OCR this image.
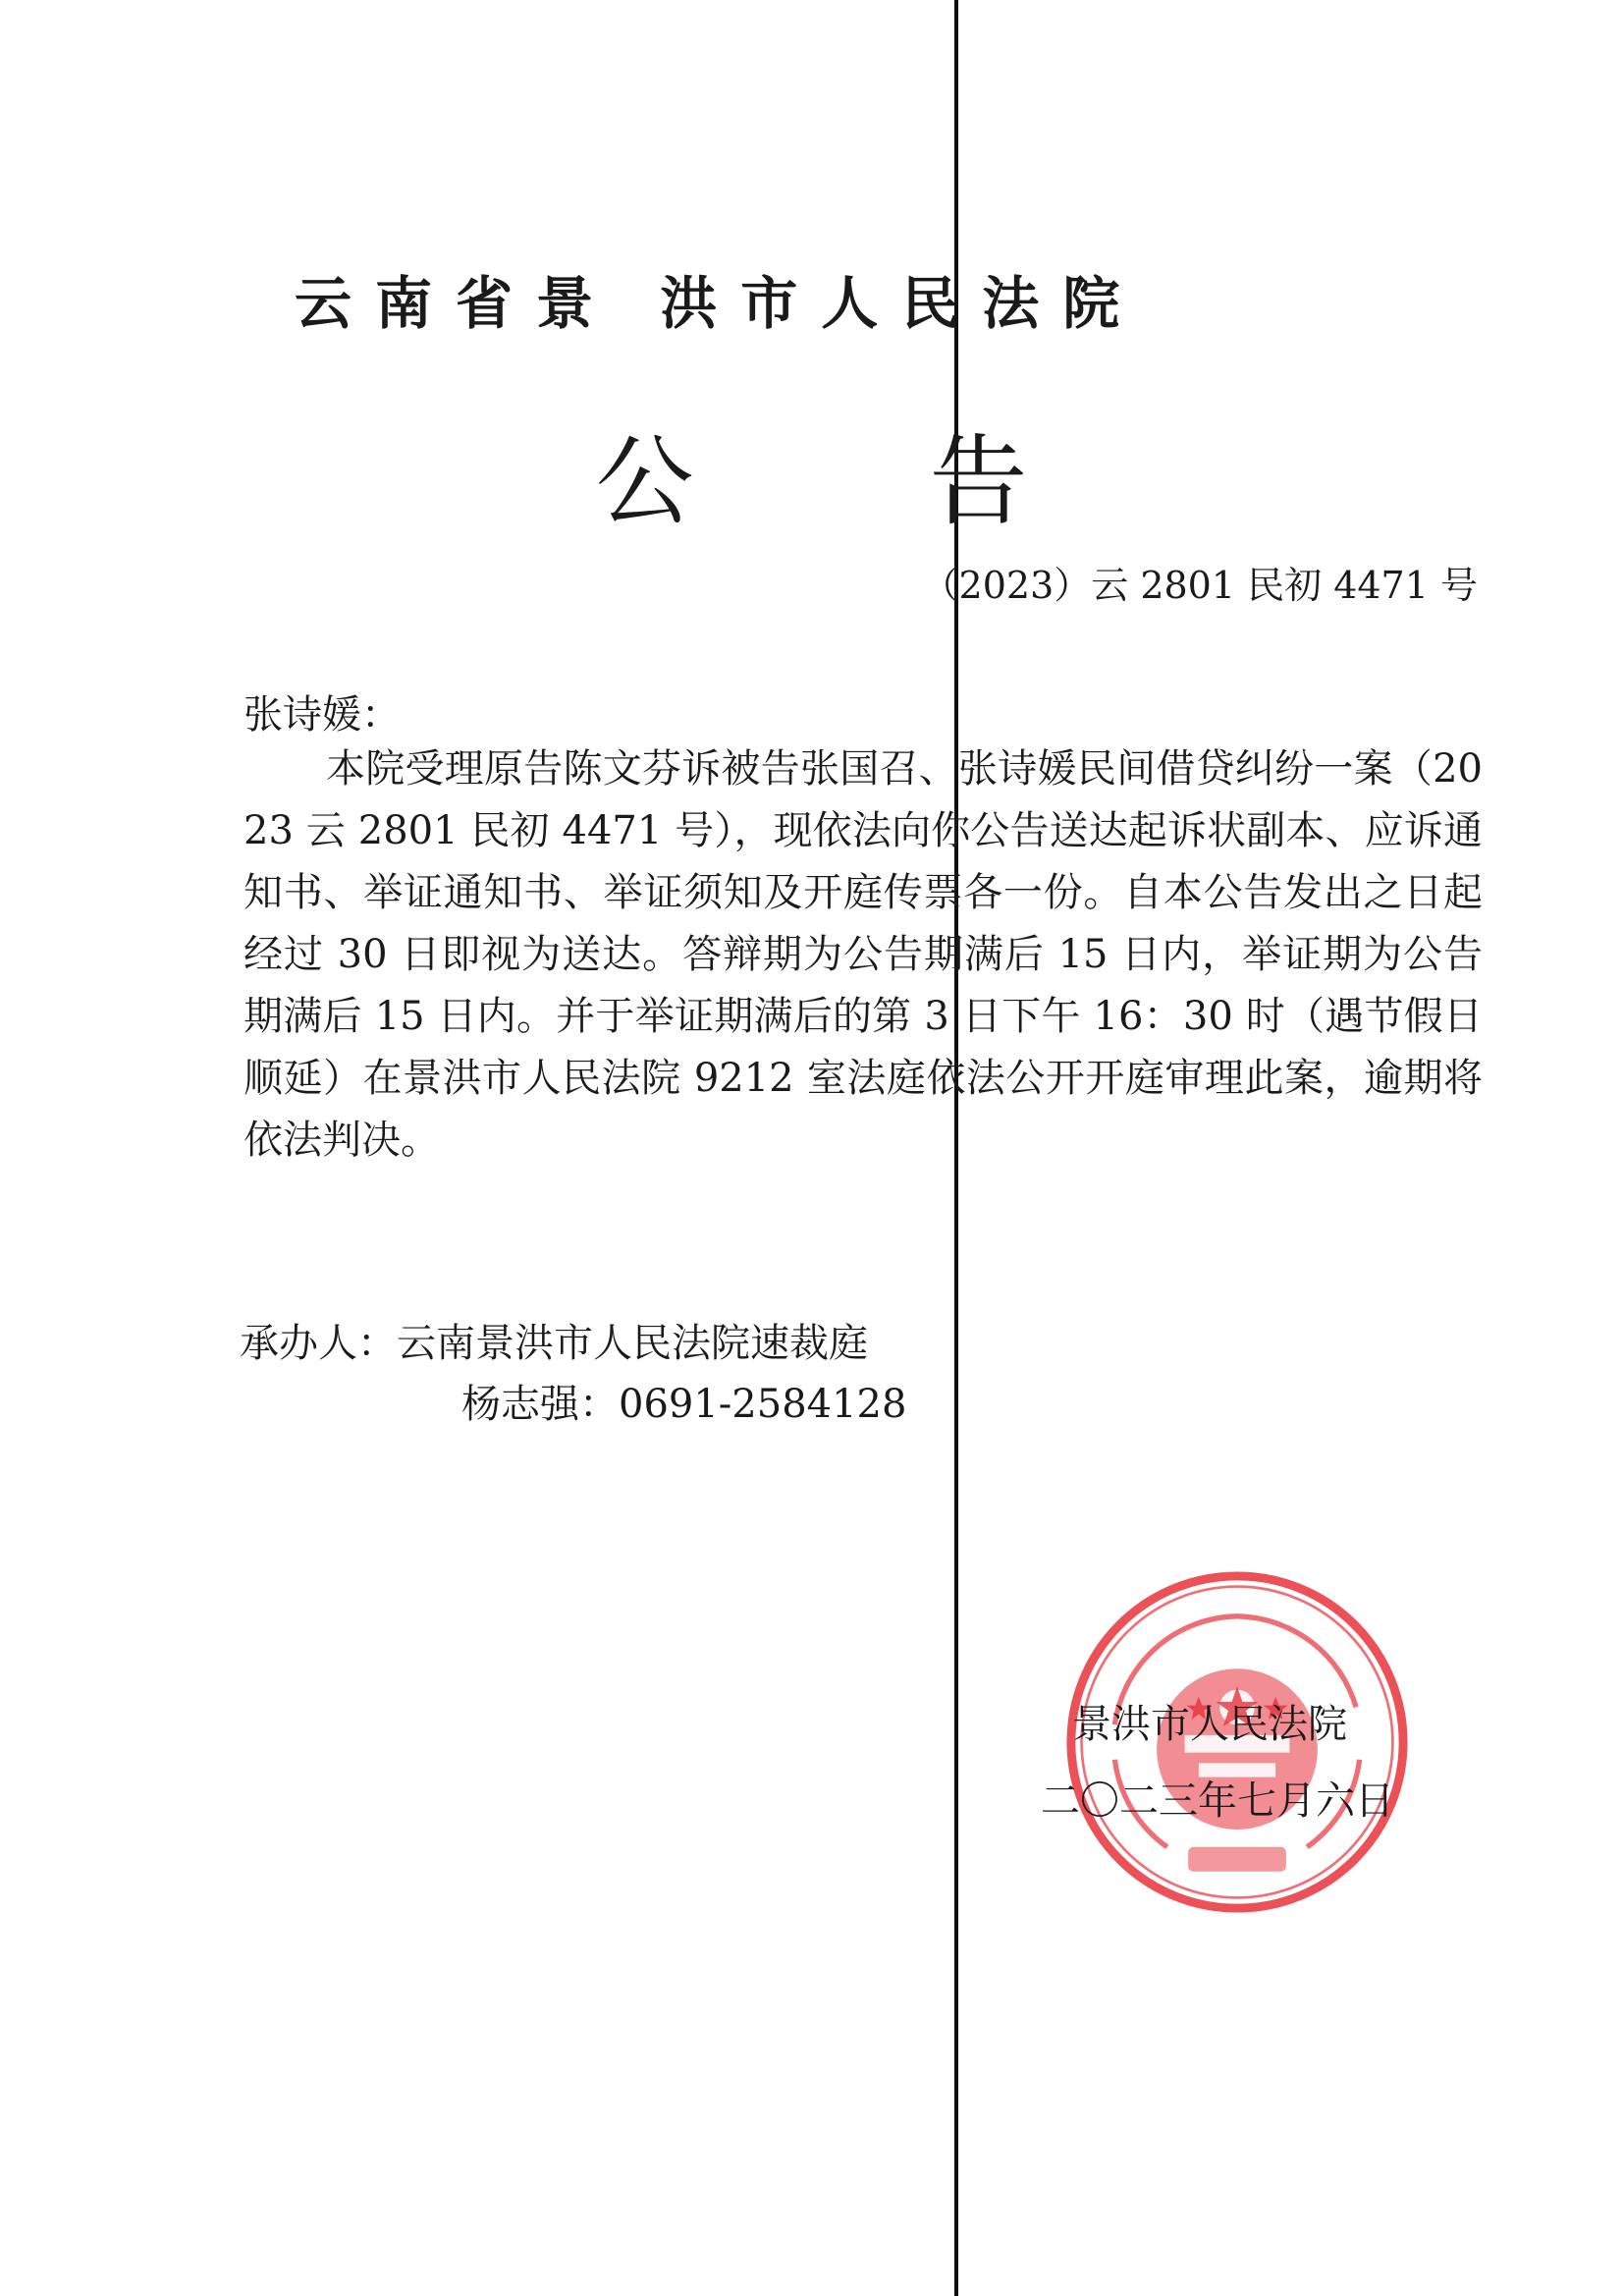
云南省景 洪市人民法院
公告
（2023）云 2801 民初 4471 号
张诗媛：
本院受理原告陈文芬诉被告张国召、张诗媛民间借贷纠纷一案（2023 云 2801 民初 4471 号），现依法向你公告送达起诉状副本、应诉通知书、举证通知书、举证须知及开庭传票各一份。自本公告发出之日起经过 30 日即视为送达。答辩期为公告期满后 15 日内，举证期为公告期满后 15 日内。并于举证期满后的第 3 日下午 16：30 时（遇节假日顺延）在景洪市人民法院 9212 室法庭依法公开开庭审理此案，逾期将依法判决。
承办人：云南景洪市人民法院速裁庭
杨志强：0691-2584128
景洪市人民法院
二〇二三年七月六日
